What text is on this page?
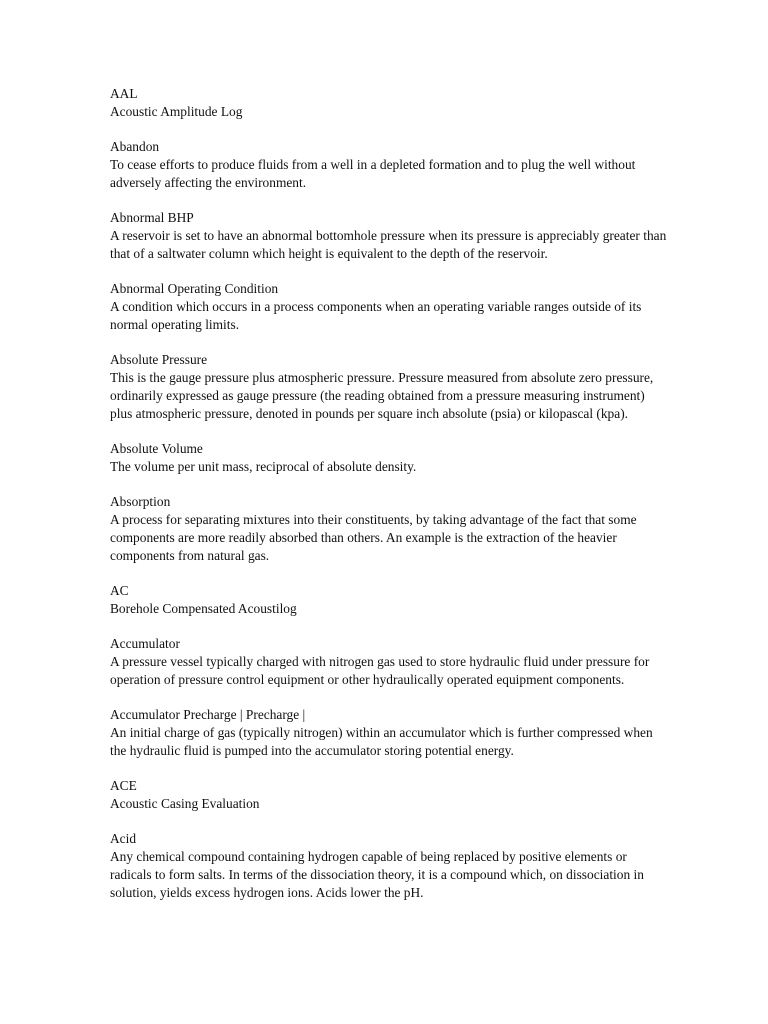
AAL
Acoustic Amplitude Log
Abandon
To cease efforts to produce fluids from a well in a depleted formation and to plug the well without adversely affecting the environment.
Abnormal BHP
A reservoir is set to have an abnormal bottomhole pressure when its pressure is appreciably greater than that of a saltwater column which height is equivalent to the depth of the reservoir.
Abnormal Operating Condition
A condition which occurs in a process components when an operating variable ranges outside of its normal operating limits.
Absolute Pressure
This is the gauge pressure plus atmospheric pressure. Pressure measured from absolute zero pressure, ordinarily expressed as gauge pressure (the reading obtained from a pressure measuring instrument) plus atmospheric pressure, denoted in pounds per square inch absolute (psia) or kilopascal (kpa).
Absolute Volume
The volume per unit mass, reciprocal of absolute density.
Absorption
A process for separating mixtures into their constituents, by taking advantage of the fact that some components are more readily absorbed than others. An example is the extraction of the heavier components from natural gas.
AC
Borehole Compensated Acoustilog
Accumulator
A pressure vessel typically charged with nitrogen gas used to store hydraulic fluid under pressure for operation of pressure control equipment or other hydraulically operated equipment components.
Accumulator Precharge | Precharge |
An initial charge of gas (typically nitrogen) within an accumulator which is further compressed when the hydraulic fluid is pumped into the accumulator storing potential energy.
ACE
Acoustic Casing Evaluation
Acid
Any chemical compound containing hydrogen capable of being replaced by positive elements or radicals to form salts. In terms of the dissociation theory, it is a compound which, on dissociation in solution, yields excess hydrogen ions. Acids lower the pH.
